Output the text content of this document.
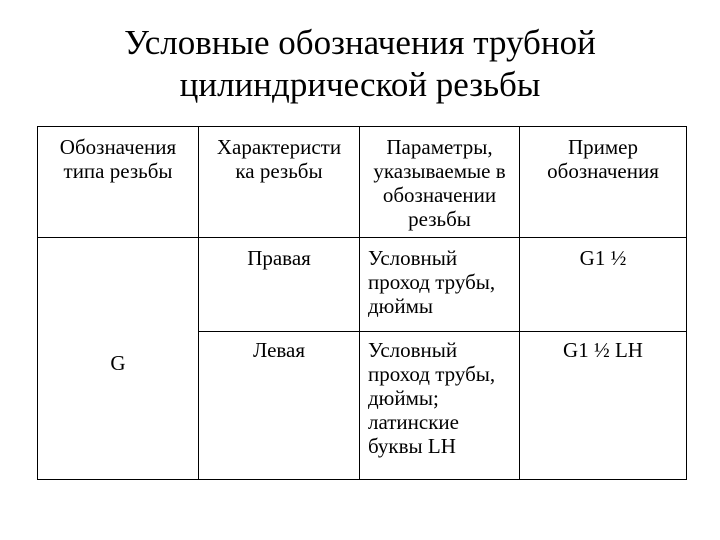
Условные обозначения трубной
цилиндрической резьбы
Обозначения типа резьбы	Характеристи ка резьбы	Параметры, указываемые в обозначении резьбы	Пример обозначения
G	Правая	Условный проход трубы, дюймы	G1 ½
	Левая	Условный проход трубы, дюймы; латинские буквы LH	G1 ½ LH
